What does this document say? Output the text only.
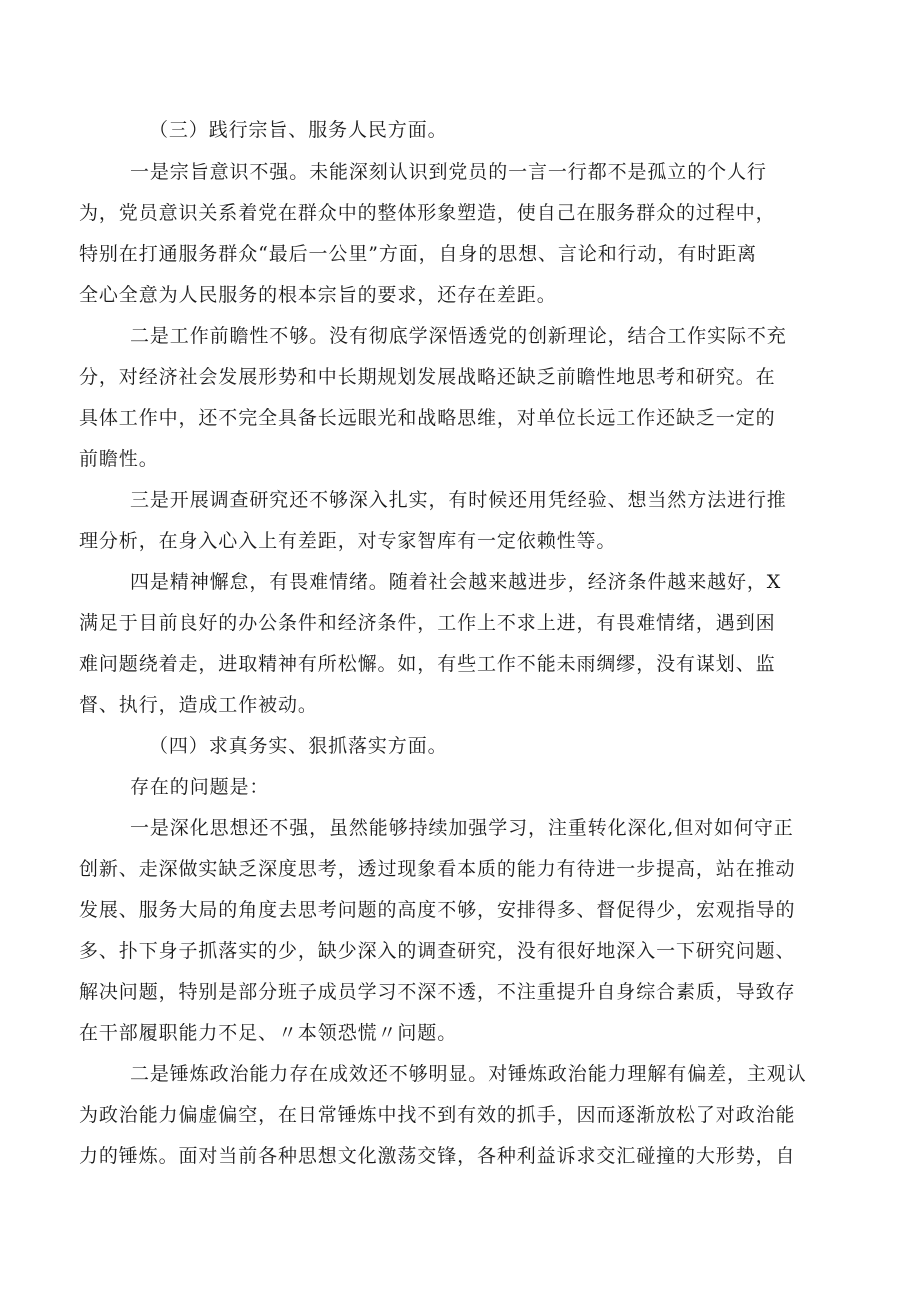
（三）践行宗旨、服务人民方面。
一是宗旨意识不强。未能深刻认识到党员的一言一行都不是孤立的个人行
为，党员意识关系着党在群众中的整体形象塑造，使自己在服务群众的过程中，
特别在打通服务群众“最后一公里”方面，自身的思想、言论和行动，有时距离
全心全意为人民服务的根本宗旨的要求，还存在差距。
二是工作前瞻性不够。没有彻底学深悟透党的创新理论，结合工作实际不充
分，对经济社会发展形势和中长期规划发展战略还缺乏前瞻性地思考和研究。在
具体工作中，还不完全具备长远眼光和战略思维，对单位长远工作还缺乏一定的
前瞻性。
三是开展调查研究还不够深入扎实，有时候还用凭经验、想当然方法进行推
理分析，在身入心入上有差距，对专家智库有一定依赖性等。
四是精神懈怠，有畏难情绪。随着社会越来越进步，经济条件越来越好，X
满足于目前良好的办公条件和经济条件，工作上不求上进，有畏难情绪，遇到困
难问题绕着走，进取精神有所松懈。如，有些工作不能未雨绸缪，没有谋划、监
督、执行，造成工作被动。
（四）求真务实、狠抓落实方面。
存在的问题是：
一是深化思想还不强，虽然能够持续加强学习，注重转化深化,但对如何守正
创新、走深做实缺乏深度思考，透过现象看本质的能力有待进一步提高，站在推动
发展、服务大局的角度去思考问题的高度不够，安排得多、督促得少，宏观指导的
多、扑下身子抓落实的少，缺少深入的调查研究，没有很好地深入一下研究问题、
解决问题，特别是部分班子成员学习不深不透，不注重提升自身综合素质，导致存
在干部履职能力不足、〃本领恐慌〃问题。
二是锤炼政治能力存在成效还不够明显。对锤炼政治能力理解有偏差，主观认
为政治能力偏虚偏空，在日常锤炼中找不到有效的抓手，因而逐渐放松了对政治能
力的锤炼。面对当前各种思想文化激荡交锋，各种利益诉求交汇碰撞的大形势，自
